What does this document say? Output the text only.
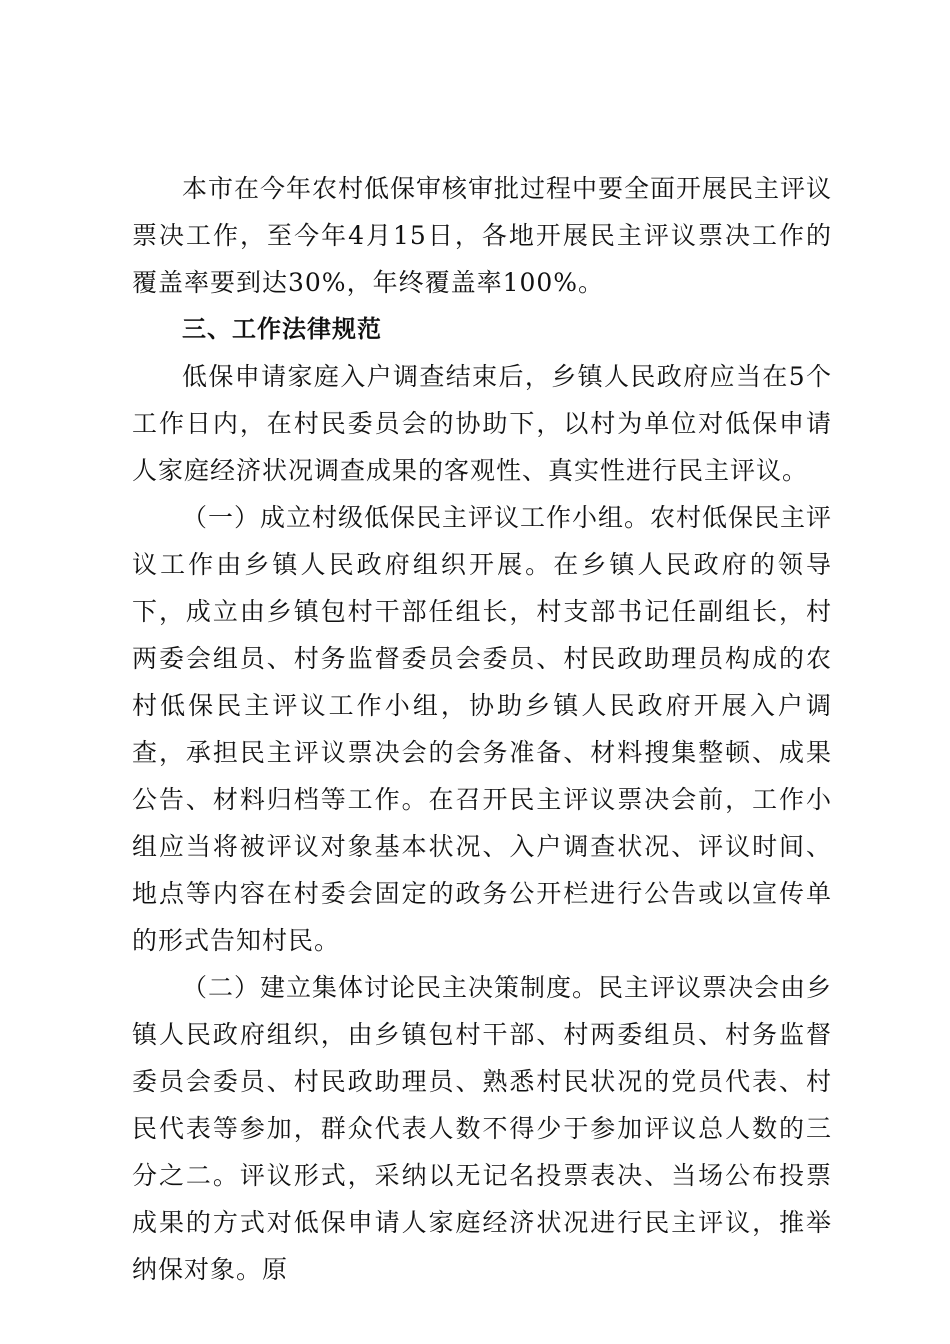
本市在今年农村低保审核审批过程中要全面开展民主评议票决工作，至今年4月15日，各地开展民主评议票决工作的覆盖率要到达30%，年终覆盖率100%。

三、工作法律规范

低保申请家庭入户调查结束后，乡镇人民政府应当在5个工作日内，在村民委员会的协助下，以村为单位对低保申请人家庭经济状况调查成果的客观性、真实性进行民主评议。

（一）成立村级低保民主评议工作小组。农村低保民主评议工作由乡镇人民政府组织开展。在乡镇人民政府的领导下，成立由乡镇包村干部任组长，村支部书记任副组长，村两委会组员、村务监督委员会委员、村民政助理员构成的农村低保民主评议工作小组，协助乡镇人民政府开展入户调查，承担民主评议票决会的会务准备、材料搜集整顿、成果公告、材料归档等工作。在召开民主评议票决会前，工作小组应当将被评议对象基本状况、入户调查状况、评议时间、地点等内容在村委会固定的政务公开栏进行公告或以宣传单的形式告知村民。

（二）建立集体讨论民主决策制度。民主评议票决会由乡镇人民政府组织，由乡镇包村干部、村两委组员、村务监督委员会委员、村民政助理员、熟悉村民状况的党员代表、村民代表等参加，群众代表人数不得少于参加评议总人数的三分之二。评议形式，采纳以无记名投票表决、当场公布投票成果的方式对低保申请人家庭经济状况进行民主评议，推举纳保对象。原
